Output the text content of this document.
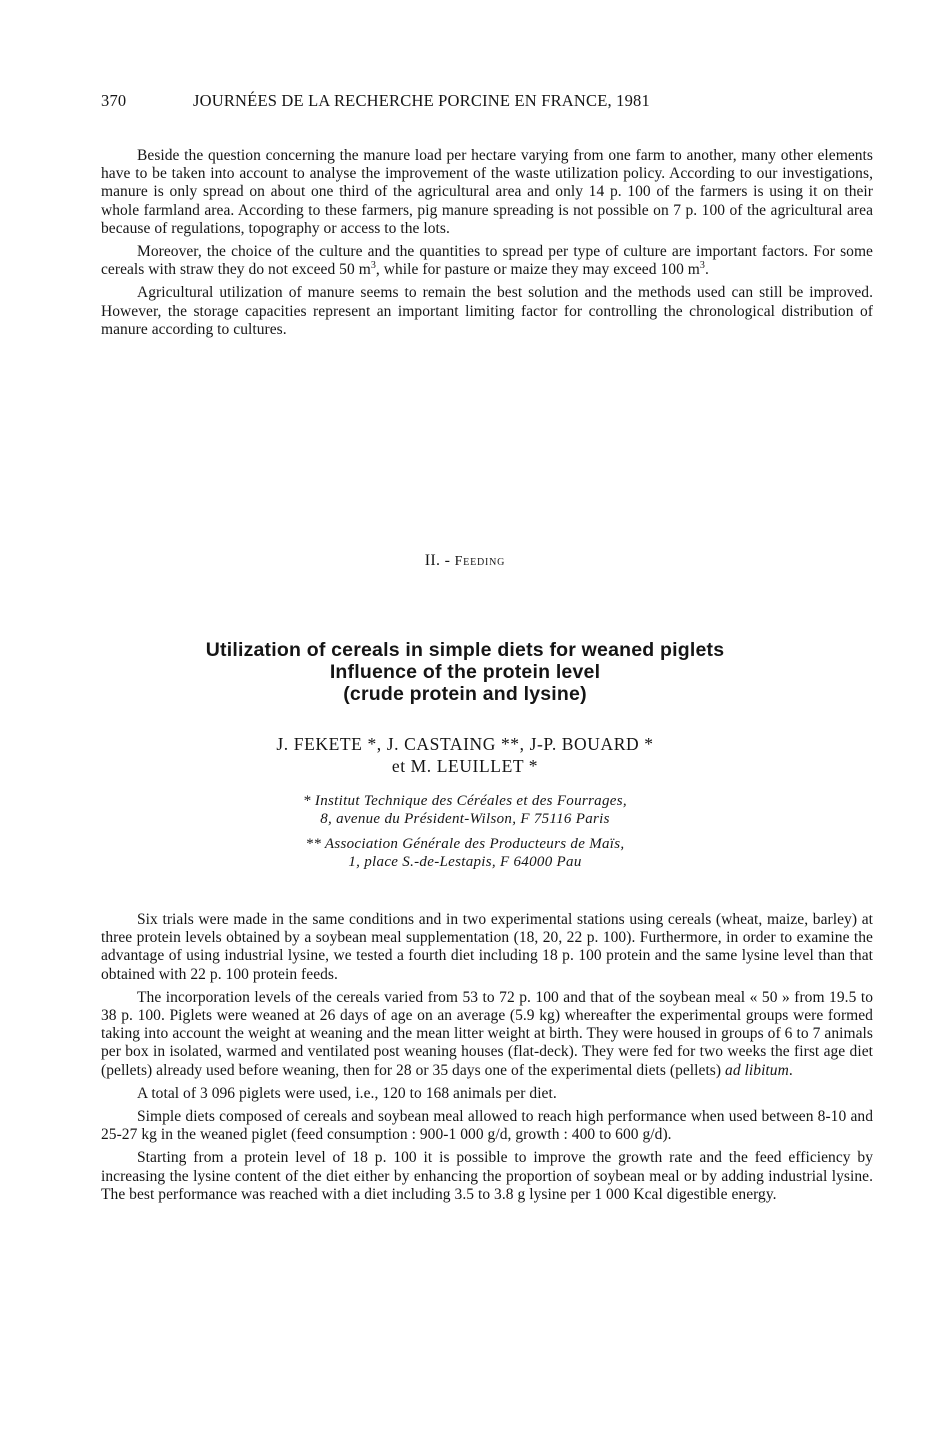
370	JOURNÉES DE LA RECHERCHE PORCINE EN FRANCE, 1981

Beside the question concerning the manure load per hectare varying from one farm to another, many other elements have to be taken into account to analyse the improvement of the waste utilization policy. According to our investigations, manure is only spread on about one third of the agricultural area and only 14 p. 100 of the farmers is using it on their whole farmland area. According to these farmers, pig manure spreading is not possible on 7 p. 100 of the agricultural area because of regulations, topography or access to the lots.

Moreover, the choice of the culture and the quantities to spread per type of culture are important factors. For some cereals with straw they do not exceed 50 $m^3$, while for pasture or maize they may exceed 100 $m^3$.

Agricultural utilization of manure seems to remain the best solution and the methods used can still be improved. However, the storage capacities represent an important limiting factor for controlling the chronological distribution of manure according to cultures.

II. - Feeding
Utilization of cereals in simple diets for weaned piglets
Influence of the protein level
(crude protein and lysine)
J. FEKETE *, J. CASTAING **, J-P. BOUARD *
et M. LEUILLET *
* Institut Technique des Céréales et des Fourrages,
8, avenue du Président-Wilson, F 75116 Paris
** Association Générale des Producteurs de Maïs,
1, place S.-de-Lestapis, F 64000 Pau

Six trials were made in the same conditions and in two experimental stations using cereals (wheat, maize, barley) at three protein levels obtained by a soybean meal supplementation (18, 20, 22 p. 100). Furthermore, in order to examine the advantage of using industrial lysine, we tested a fourth diet including 18 p. 100 protein and the same lysine level than that obtained with 22 p. 100 protein feeds.

The incorporation levels of the cereals varied from 53 to 72 p. 100 and that of the soybean meal « 50 » from 19.5 to 38 p. 100. Piglets were weaned at 26 days of age on an average (5.9 kg) whereafter the experimental groups were formed taking into account the weight at weaning and the mean litter weight at birth. They were housed in groups of 6 to 7 animals per box in isolated, warmed and ventilated post weaning houses (flat-deck). They were fed for two weeks the first age diet (pellets) already used before weaning, then for 28 or 35 days one of the experimental diets (pellets) ad libitum.

A total of 3 096 piglets were used, i.e., 120 to 168 animals per diet.

Simple diets composed of cereals and soybean meal allowed to reach high performance when used between 8-10 and 25-27 kg in the weaned piglet (feed consumption : 900-1 000 g/d, growth : 400 to 600 g/d).

Starting from a protein level of 18 p. 100 it is possible to improve the growth rate and the feed efficiency by increasing the lysine content of the diet either by enhancing the proportion of soybean meal or by adding industrial lysine. The best performance was reached with a diet including 3.5 to 3.8 g lysine per 1 000 Kcal digestible energy.
